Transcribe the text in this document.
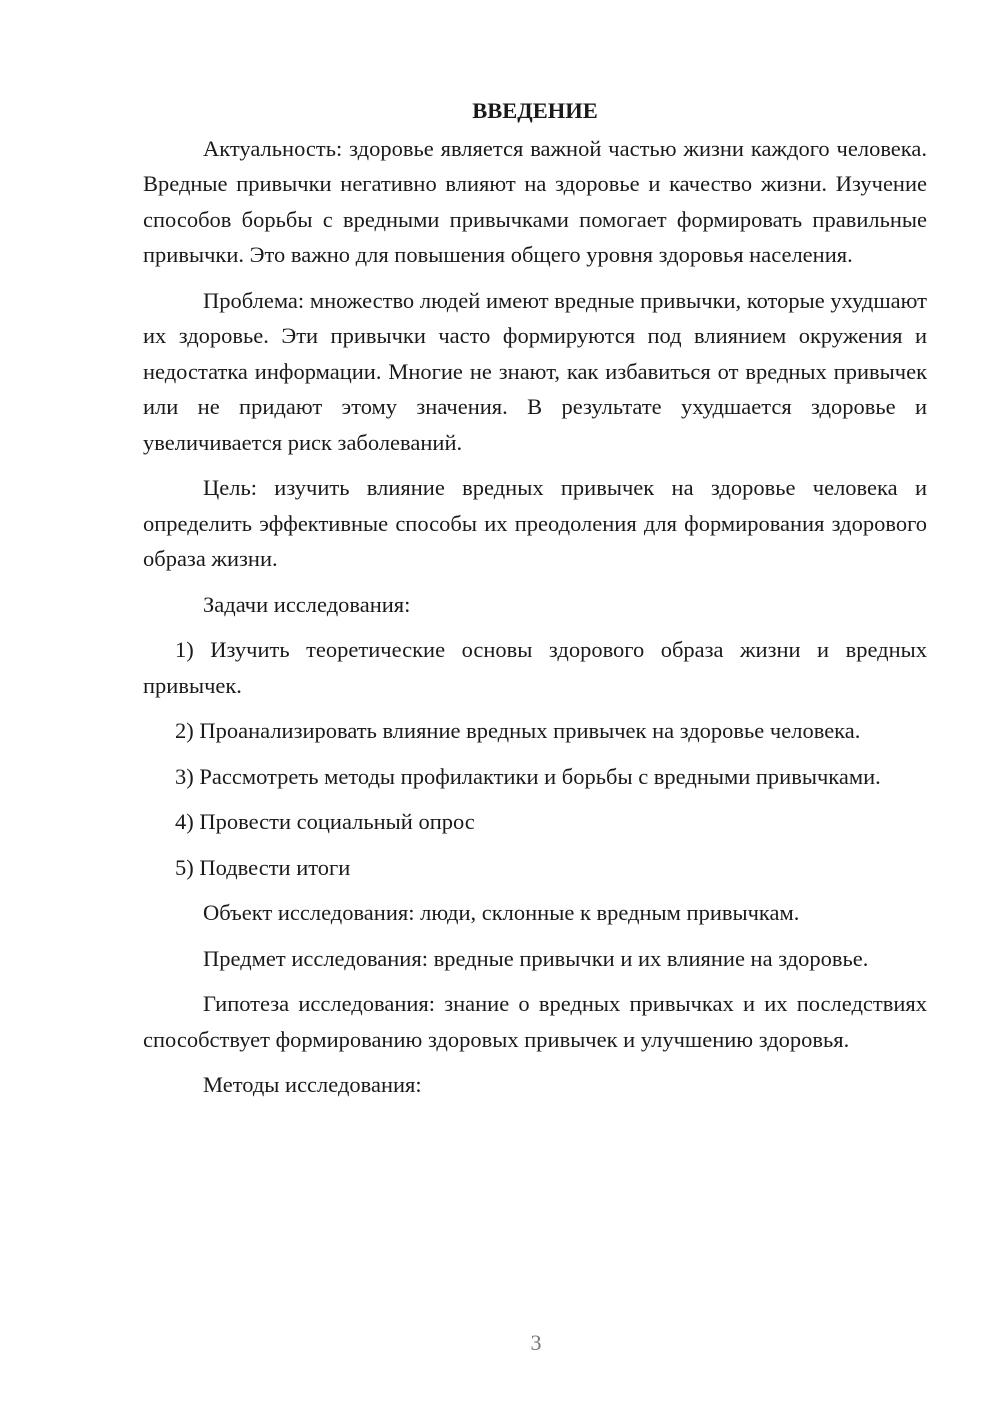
ВВЕДЕНИЕ

Актуальность: здоровье является важной частью жизни каждого человека. Вредные привычки негативно влияют на здоровье и качество жизни. Изучение способов борьбы с вредными привычками помогает формировать правильные привычки. Это важно для повышения общего уровня здоровья населения.

Проблема: множество людей имеют вредные привычки, которые ухудшают их здоровье. Эти привычки часто формируются под влиянием окружения и недостатка информации. Многие не знают, как избавиться от вредных привычек или не придают этому значения. В результате ухудшается здоровье и увеличивается риск заболеваний.

Цель: изучить влияние вредных привычек на здоровье человека и определить эффективные способы их преодоления для формирования здорового образа жизни.

Задачи исследования:

1) Изучить теоретические основы здорового образа жизни и вредных привычек.

2) Проанализировать влияние вредных привычек на здоровье человека.

3) Рассмотреть методы профилактики и борьбы с вредными привычками.

4) Провести социальный опрос

5) Подвести итоги

Объект исследования: люди, склонные к вредным привычкам.

Предмет исследования: вредные привычки и их влияние на здоровье.

Гипотеза исследования: знание о вредных привычках и их последствиях способствует формированию здоровых привычек и улучшению здоровья.

Методы исследования:

3
